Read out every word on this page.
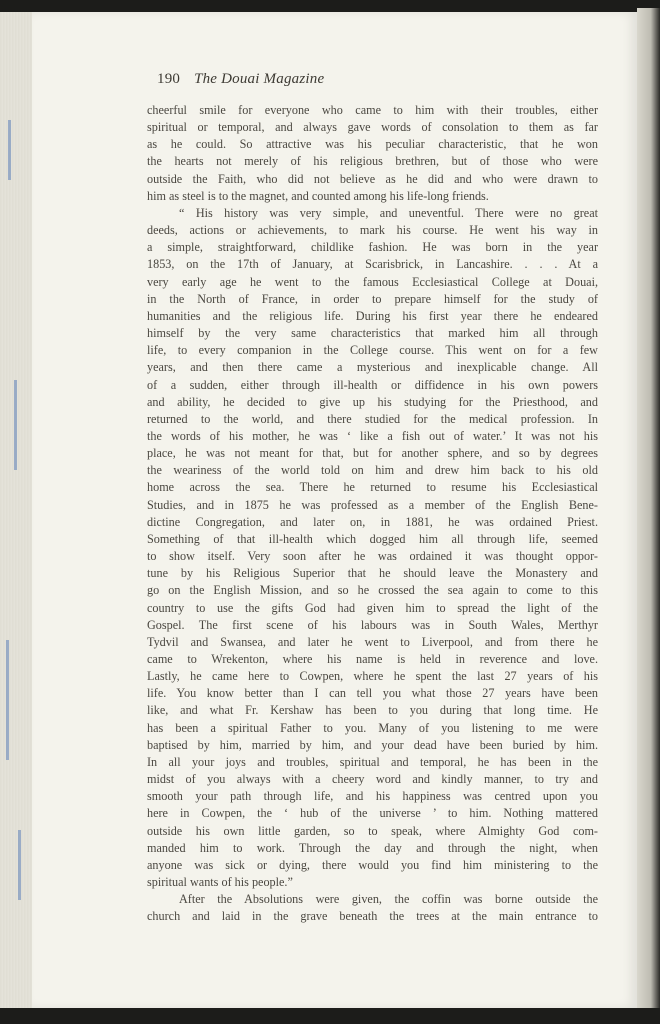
190 The Douai Magazine
cheerful smile for everyone who came to him with their troubles, either
spiritual or temporal, and always gave words of consolation to them as far
as he could. So attractive was his peculiar characteristic, that he won
the hearts not merely of his religious brethren, but of those who were
outside the Faith, who did not believe as he did and who were drawn to
him as steel is to the magnet, and counted among his life-long friends.
“ His history was very simple, and uneventful. There were no great
deeds, actions or achievements, to mark his course. He went his way in
a simple, straightforward, childlike fashion. He was born in the year
1853, on the 17th of January, at Scarisbrick, in Lancashire. . . . At a
very early age he went to the famous Ecclesiastical College at Douai,
in the North of France, in order to prepare himself for the study of
humanities and the religious life. During his first year there he endeared
himself by the very same characteristics that marked him all through
life, to every companion in the College course. This went on for a few
years, and then there came a mysterious and inexplicable change. All
of a sudden, either through ill-health or diffidence in his own powers
and ability, he decided to give up his studying for the Priesthood, and
returned to the world, and there studied for the medical profession. In
the words of his mother, he was ‘ like a fish out of water.’ It was not his
place, he was not meant for that, but for another sphere, and so by degrees
the weariness of the world told on him and drew him back to his old
home across the sea. There he returned to resume his Ecclesiastical
Studies, and in 1875 he was professed as a member of the English Bene-
dictine Congregation, and later on, in 1881, he was ordained Priest.
Something of that ill-health which dogged him all through life, seemed
to show itself. Very soon after he was ordained it was thought oppor-
tune by his Religious Superior that he should leave the Monastery and
go on the English Mission, and so he crossed the sea again to come to this
country to use the gifts God had given him to spread the light of the
Gospel. The first scene of his labours was in South Wales, Merthyr
Tydvil and Swansea, and later he went to Liverpool, and from there he
came to Wrekenton, where his name is held in reverence and love.
Lastly, he came here to Cowpen, where he spent the last 27 years of his
life. You know better than I can tell you what those 27 years have been
like, and what Fr. Kershaw has been to you during that long time. He
has been a spiritual Father to you. Many of you listening to me were
baptised by him, married by him, and your dead have been buried by him.
In all your joys and troubles, spiritual and temporal, he has been in the
midst of you always with a cheery word and kindly manner, to try and
smooth your path through life, and his happiness was centred upon you
here in Cowpen, the ‘ hub of the universe ’ to him. Nothing mattered
outside his own little garden, so to speak, where Almighty God com-
manded him to work. Through the day and through the night, when
anyone was sick or dying, there would you find him ministering to the
spiritual wants of his people.”
After the Absolutions were given, the coffin was borne outside the
church and laid in the grave beneath the trees at the main entrance to
